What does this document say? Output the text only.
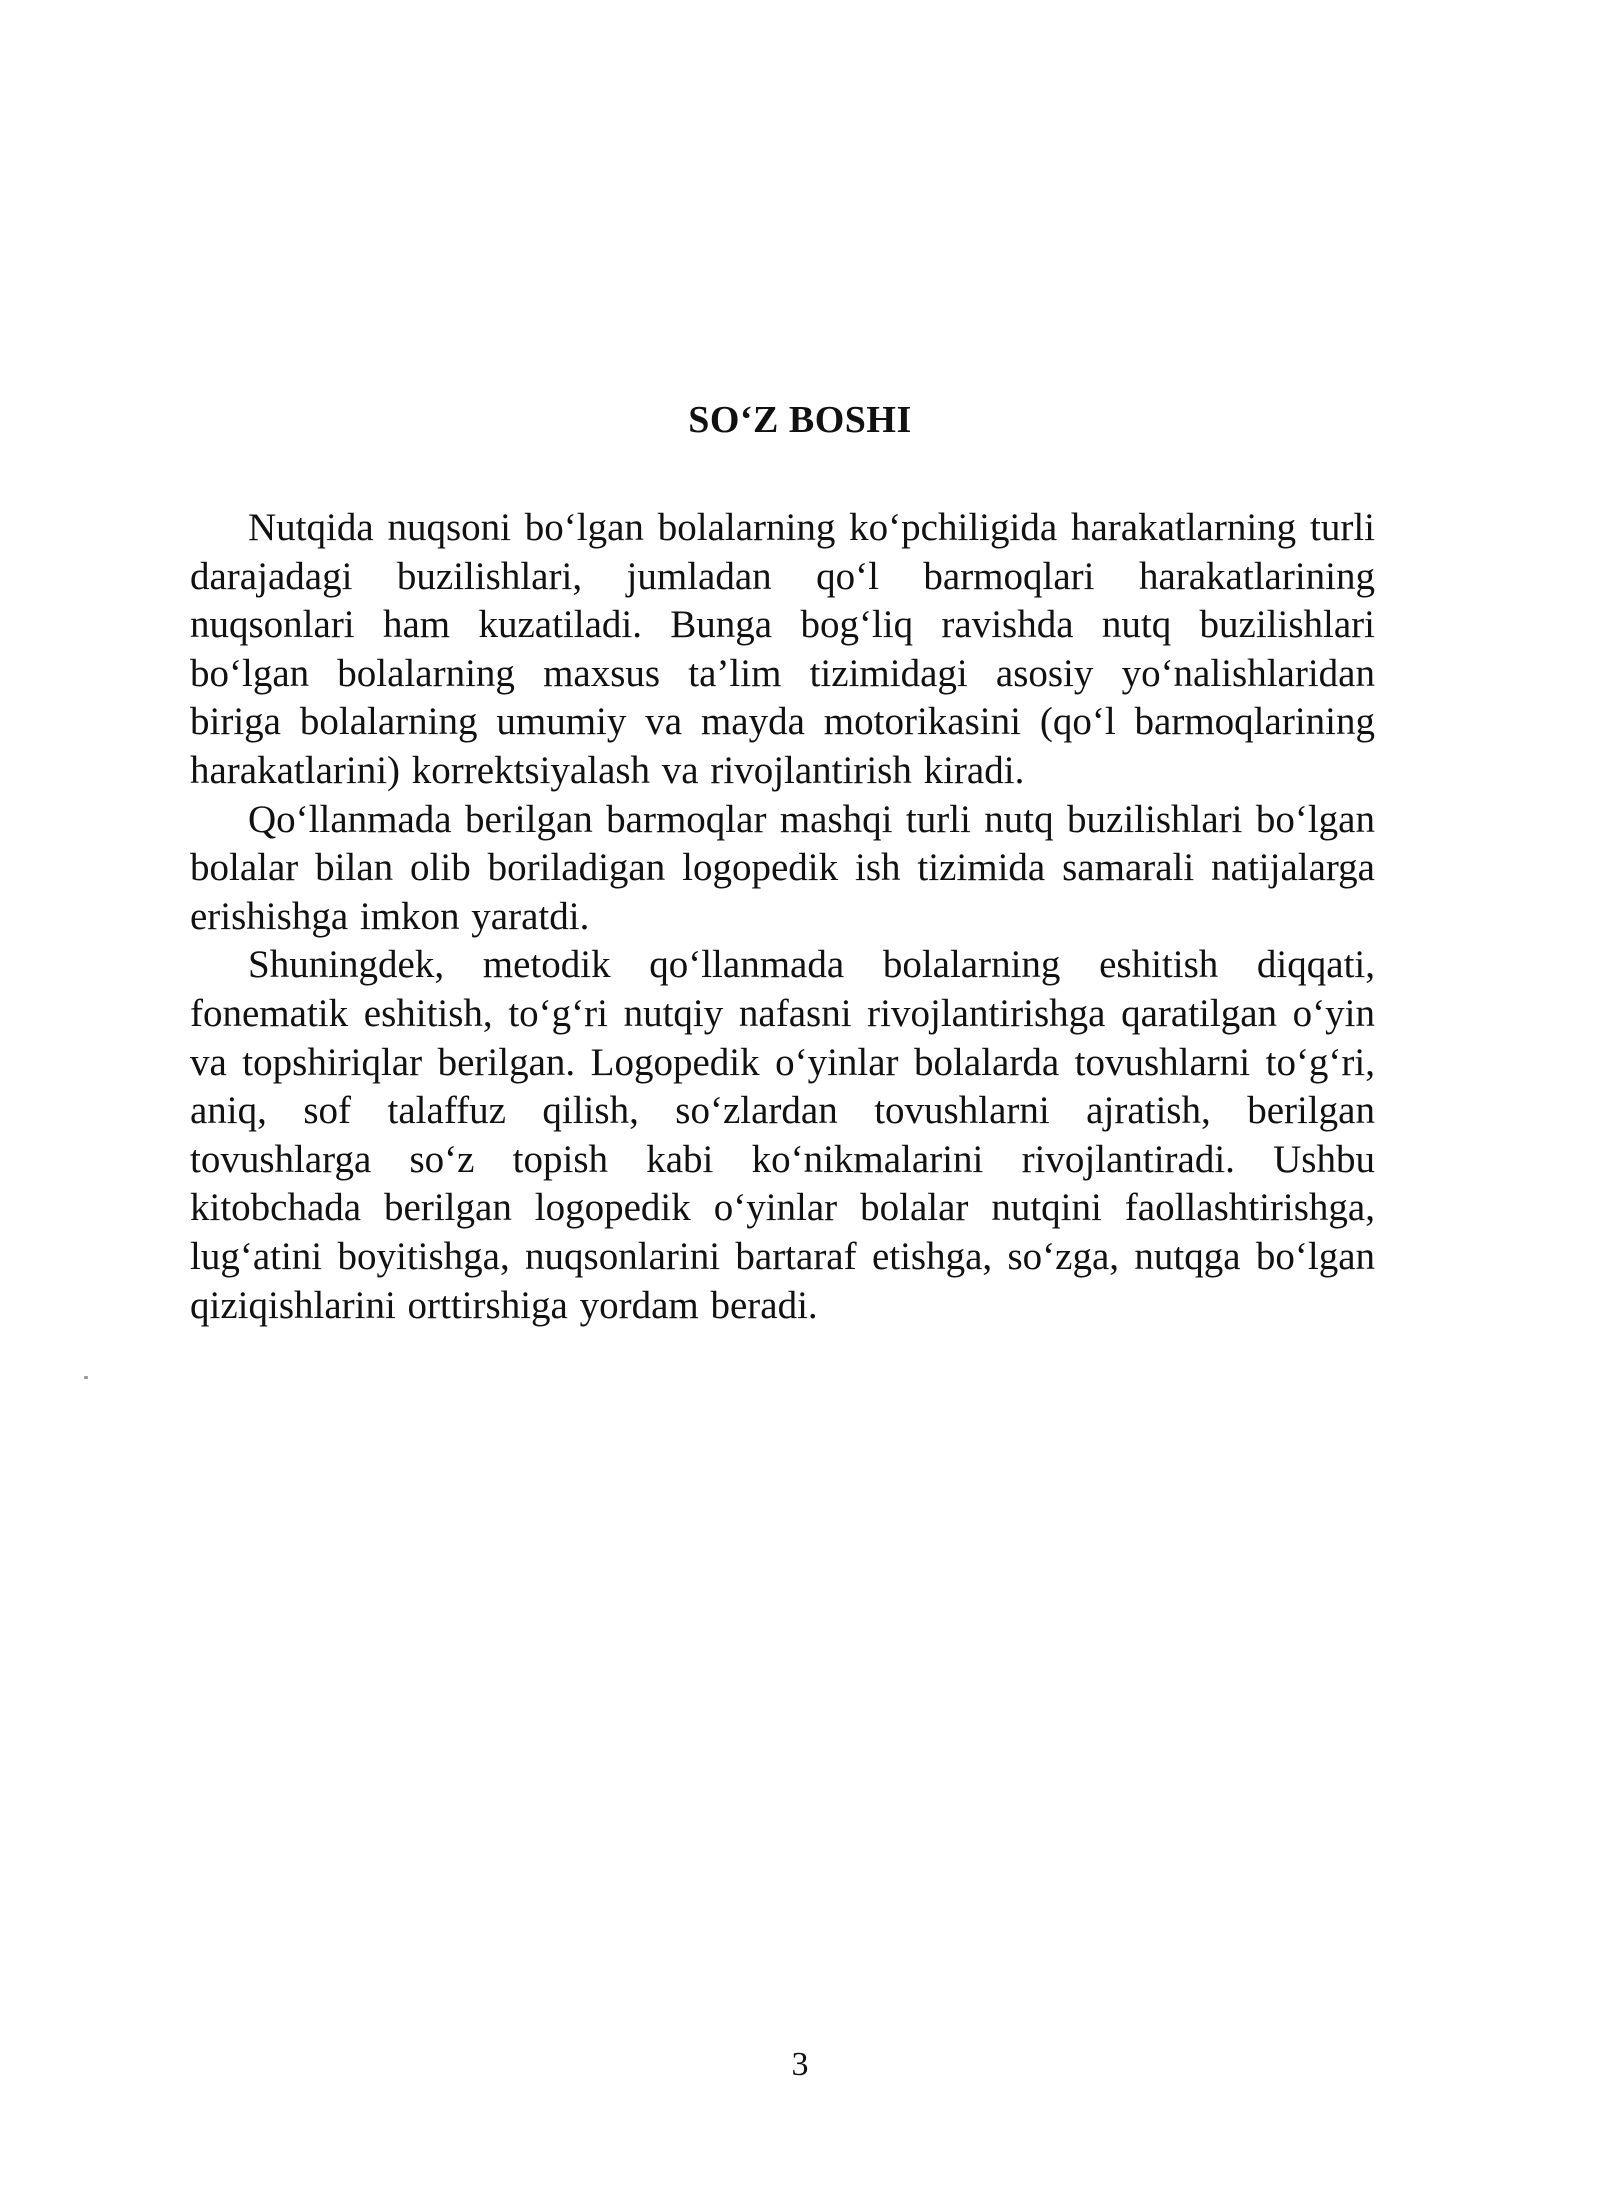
SO‘Z BOSHI

Nutqida nuqsoni bo‘lgan bolalarning ko‘pchiligida harakatlarning turli darajadagi buzilishlari, jumladan qo‘l barmoqlari harakatlarining nuqsonlari ham kuzatiladi. Bunga bog‘liq ravishda nutq buzilishlari bo‘lgan bolalarning maxsus ta’lim tizimidagi asosiy yo‘nalishlaridan biriga bolalarning umumiy va mayda motorikasini (qo‘l barmoqlarining harakatlarini) korrektsiyalash va rivojlantirish kiradi.

Qo‘llanmada berilgan barmoqlar mashqi turli nutq buzilishlari bo‘lgan bolalar bilan olib boriladigan logopedik ish tizimida samarali natijalarga erishishga imkon yaratdi.

Shuningdek, metodik qo‘llanmada bolalarning eshitish diqqati, fonematik eshitish, to‘g‘ri nutqiy nafasni rivojlantirishga qaratilgan o‘yin va topshiriqlar berilgan. Logopedik o‘yinlar bolalarda tovushlarni to‘g‘ri, aniq, sof talaffuz qilish, so‘zlardan tovushlarni ajratish, berilgan tovushlarga so‘z topish kabi ko‘nikmalarini rivojlantiradi. Ushbu kitobchada berilgan logopedik o‘yinlar bolalar nutqini faollashtirishga, lug‘atini boyitishga, nuqsonlarini bartaraf etishga, so‘zga, nutqga bo‘lgan qiziqishlarini orttirshiga yordam beradi.

3
